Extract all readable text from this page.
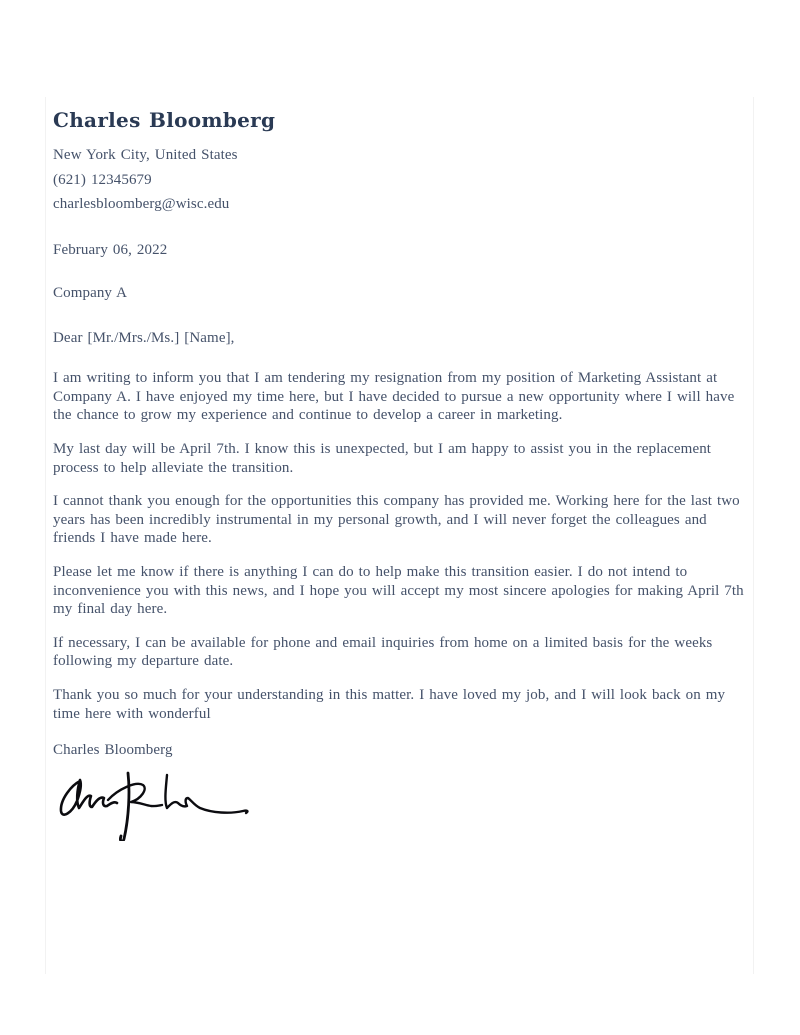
Charles Bloomberg

New York City, United States

(621) 12345679

charlesbloomberg@wisc.edu

February 06, 2022

Company A

Dear [Mr./Mrs./Ms.] [Name],

I am writing to inform you that I am tendering my resignation from my position of Marketing Assistant at Company A. I have enjoyed my time here, but I have decided to pursue a new opportunity where I will have the chance to grow my experience and continue to develop a career in marketing.

My last day will be April 7th. I know this is unexpected, but I am happy to assist you in the replacement process to help alleviate the transition.

I cannot thank you enough for the opportunities this company has provided me. Working here for the last two years has been incredibly instrumental in my personal growth, and I will never forget the colleagues and friends I have made here.

Please let me know if there is anything I can do to help make this transition easier. I do not intend to inconvenience you with this news, and I hope you will accept my most sincere apologies for making April 7th my final day here.

If necessary, I can be available for phone and email inquiries from home on a limited basis for the weeks following my departure date.

Thank you so much for your understanding in this matter. I have loved my job, and I will look back on my time here with wonderful

Charles Bloomberg
